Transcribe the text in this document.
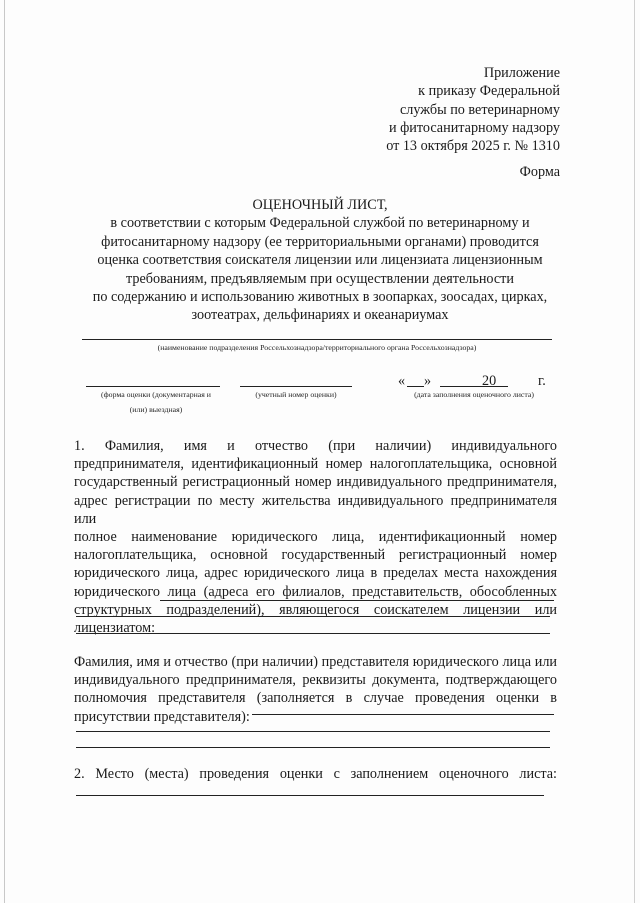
Приложение
к приказу Федеральной
службы по ветеринарному
и фитосанитарному надзору
от 13 октября 2025 г. № 1310
Форма
ОЦЕНОЧНЫЙ ЛИСТ,
в соответствии с которым Федеральной службой по ветеринарному и
фитосанитарному надзору (ее территориальными органами) проводится
оценка соответствия соискателя лицензии или лицензиата лицензионным
требованиям, предъявляемым при осуществлении деятельности
по содержанию и использованию животных в зоопарках, зоосадах, цирках,
зоотеатрах, дельфинариях и океанариумах
(наименование подразделения Россельхознадзора/территориального органа Россельхознадзора)
(форма оценки (документарная и
(или) выездная)
(учетный номер оценки)
« »	20	г.
(дата заполнения оценочного листа)
1. Фамилия, имя и отчество (при наличии) индивидуального
предпринимателя, идентификационный номер налогоплательщика, основной
государственный регистрационный номер индивидуального предпринимателя,
адрес регистрации по месту жительства индивидуального предпринимателя или
полное наименование юридического лица, идентификационный номер
налогоплательщика, основной государственный регистрационный номер
юридического лица, адрес юридического лица в пределах места нахождения
юридического лица (адреса его филиалов, представительств, обособленных
структурных подразделений), являющегося соискателем лицензии или
лицензиатом:
Фамилия, имя и отчество (при наличии) представителя юридического лица или
индивидуального предпринимателя, реквизиты документа, подтверждающего
полномочия представителя (заполняется в случае проведения оценки в
присутствии представителя):
2. Место (места) проведения оценки с заполнением оценочного листа:
